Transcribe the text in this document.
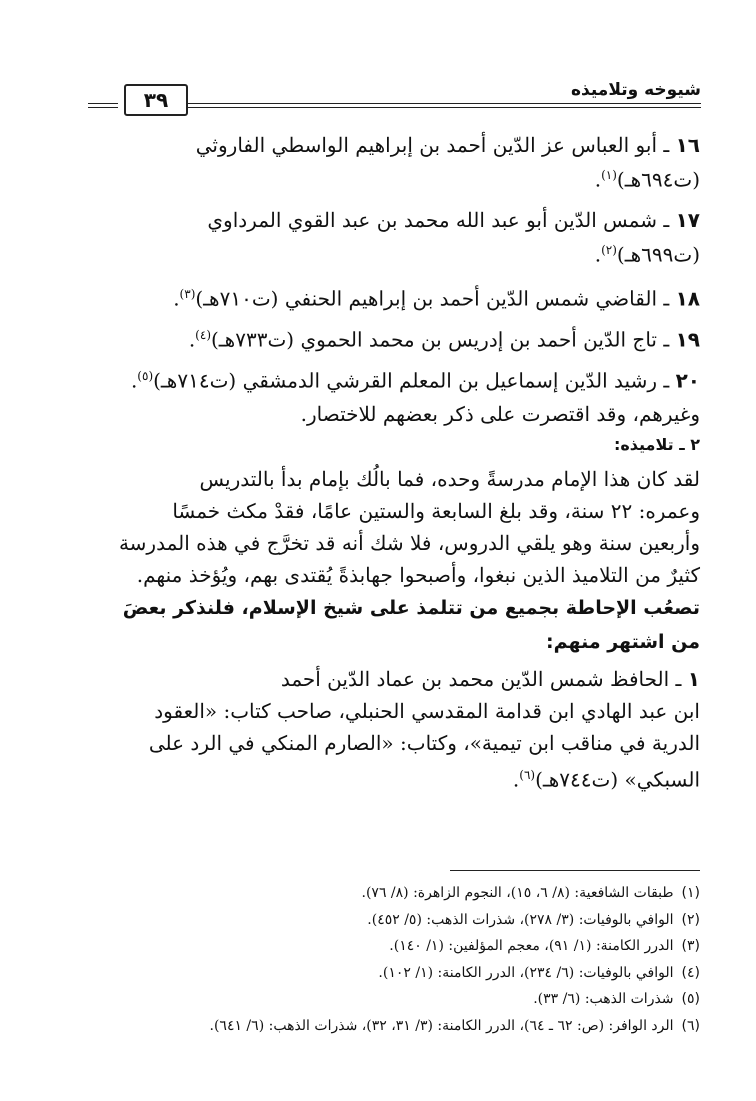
شيوخه وتلاميذه
٣٩
١٦ ـ أبو العباس عز الدّين أحمد بن إبراهيم الواسطي الفاروثي
(ت٦٩٤هـ)$^{(١)}$.
١٧ ـ شمس الدّين أبو عبد الله محمد بن عبد القوي المرداوي
(ت٦٩٩هـ)$^{(٢)}$.
١٨ ـ القاضي شمس الدّين أحمد بن إبراهيم الحنفي (ت٧١٠هـ)$^{(٣)}$.
١٩ ـ تاج الدّين أحمد بن إدريس بن محمد الحموي (ت٧٣٣هـ)$^{(٤)}$.
٢٠ ـ رشيد الدّين إسماعيل بن المعلم القرشي الدمشقي (ت٧١٤هـ)$^{(٥)}$.
وغيرهم، وقد اقتصرت على ذكر بعضهم للاختصار.
٢ ـ تلاميذه:
لقد كان هذا الإمام مدرسةً وحده، فما بالُك بإمام بدأ بالتدريس
وعمره: ٢٢ سنة، وقد بلغ السابعة والستين عامًا، فقدْ مكث خمسًا
وأربعين سنة وهو يلقي الدروس، فلا شك أنه قد تخرَّج في هذه المدرسة
كثيرٌ من التلاميذ الذين نبغوا، وأصبحوا جهابذةً يُقتدى بهم، ويُؤخذ منهم.
تصعُب الإحاطة بجميع من تتلمذ على شيخ الإسلام، فلنذكر بعضَ
من اشتهر منهم:
١ ـ الحافظ شمس الدّين محمد بن عماد الدّين أحمد
ابن عبد الهادي ابن قدامة المقدسي الحنبلي، صاحب كتاب: «العقود
الدرية في مناقب ابن تيمية»، وكتاب: «الصارم المنكي في الرد على
السبكي» (ت٧٤٤هـ)$^{(٦)}$.
(١)طبقات الشافعية: (٨/ ٦، ١٥)، النجوم الزاهرة: (٨/ ٧٦).
(٢)الوافي بالوفيات: (٣/ ٢٧٨)، شذرات الذهب: (٥/ ٤٥٢).
(٣)الدرر الكامنة: (١/ ٩١)، معجم المؤلفين: (١/ ١٤٠).
(٤)الوافي بالوفيات: (٦/ ٢٣٤)، الدرر الكامنة: (١/ ١٠٢).
(٥)شذرات الذهب: (٦/ ٣٣).
(٦)الرد الوافر: (ص: ٦٢ ـ ٦٤)، الدرر الكامنة: (٣/ ٣١، ٣٢)، شذرات الذهب: (٦/ ٦٤١).
